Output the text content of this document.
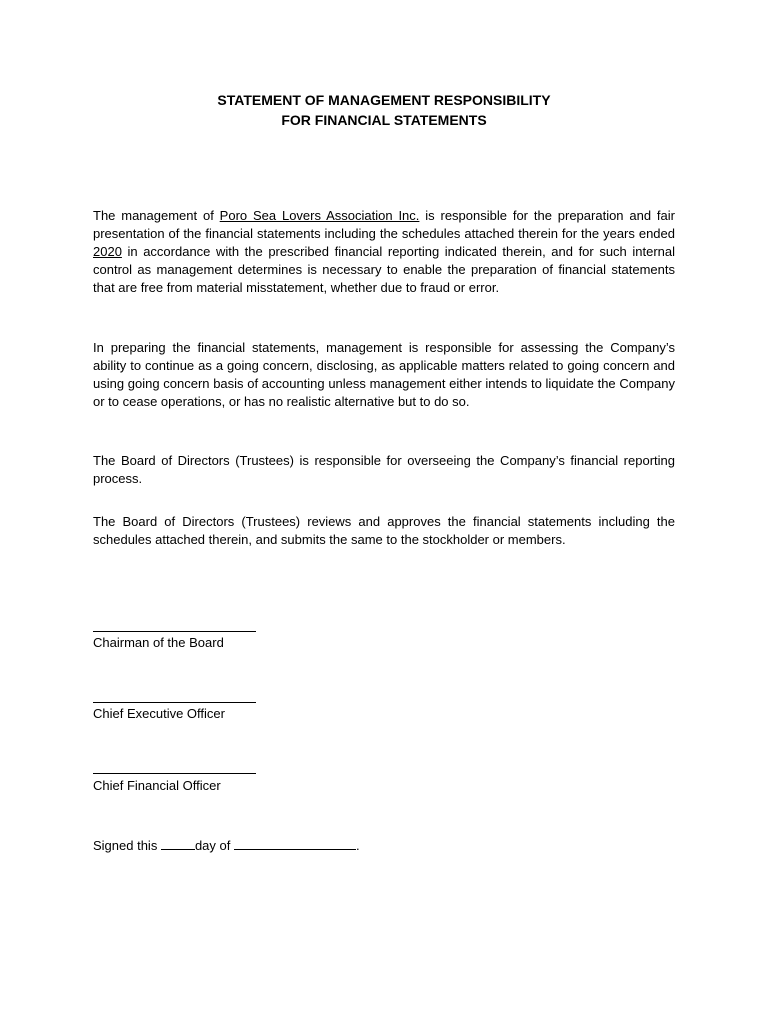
STATEMENT OF MANAGEMENT RESPONSIBILITY
FOR FINANCIAL STATEMENTS

The management of Poro Sea Lovers Association Inc. is responsible for the preparation and fair presentation of the financial statements including the schedules attached therein for the years ended 2020 in accordance with the prescribed financial reporting indicated therein, and for such internal control as management determines is necessary to enable the preparation of financial statements that are free from material misstatement, whether due to fraud or error.

In preparing the financial statements, management is responsible for assessing the Company’s ability to continue as a going concern, disclosing, as applicable matters related to going concern and using going concern basis of accounting unless management either intends to liquidate the Company or to cease operations, or has no realistic alternative but to do so.

The Board of Directors (Trustees) is responsible for overseeing the Company’s financial reporting process.

The Board of Directors (Trustees) reviews and approves the financial statements including the schedules attached therein, and submits the same to the stockholder or members.

Chairman of the Board
Chief Executive Officer
Chief Financial Officer
Signed this	day of	.
